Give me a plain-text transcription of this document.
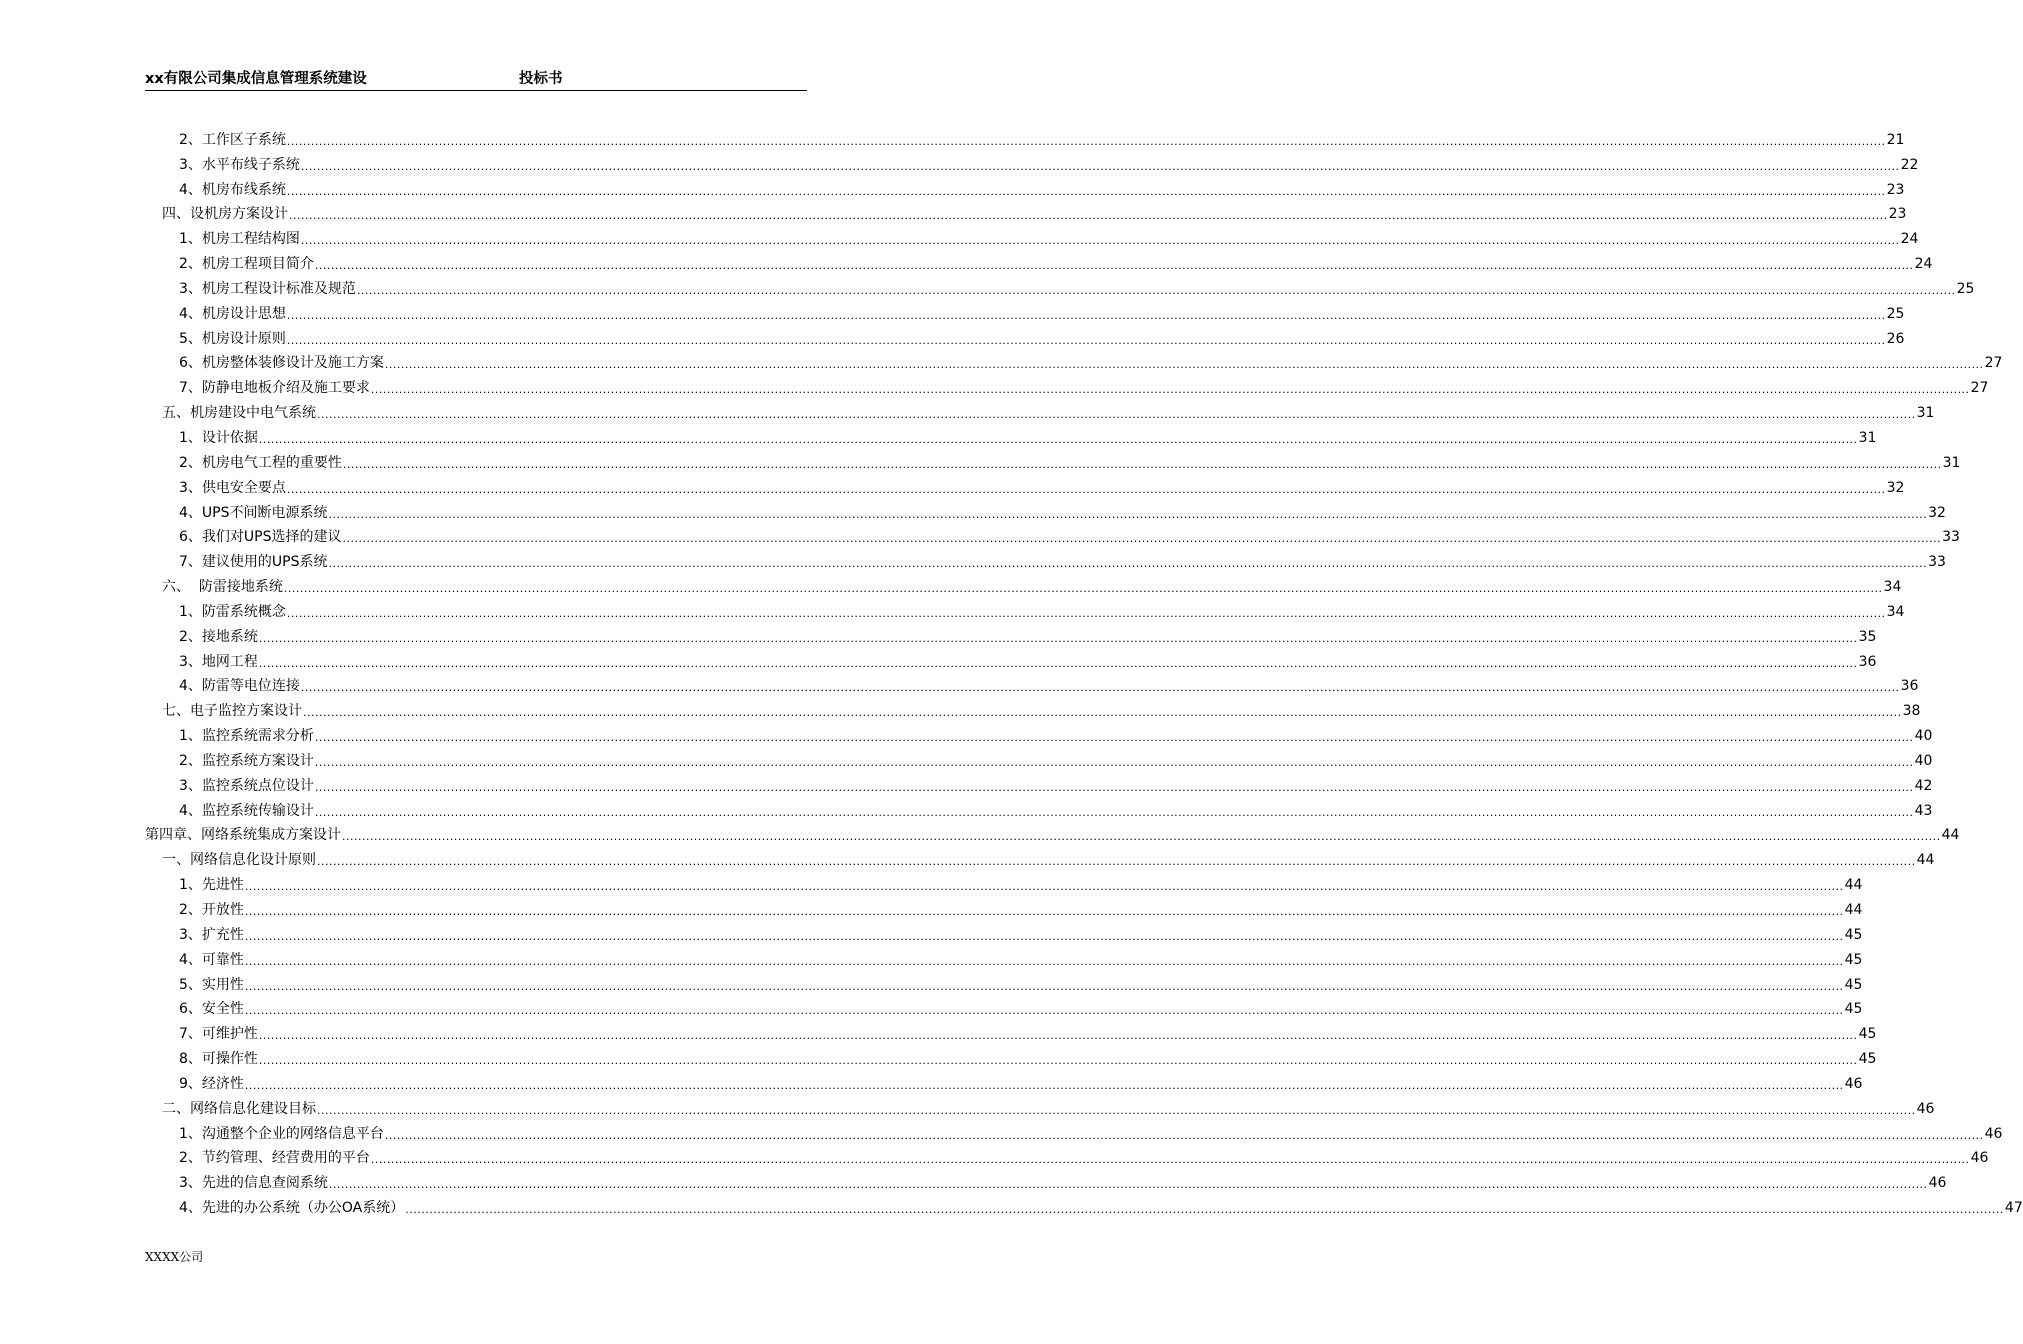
xx有限公司集成信息管理系统建设	投标书
2、工作区子系统 ................................................................................................................................................................................................................................................................................................................................................................................................................ 21
3、水平布线子系统 ................................................................................................................................................................................................................................................................................................................................................................................................................ 22
4、机房布线系统 ................................................................................................................................................................................................................................................................................................................................................................................................................ 23
四、设机房方案设计 ................................................................................................................................................................................................................................................................................................................................................................................................................ 23
1、机房工程结构图 ................................................................................................................................................................................................................................................................................................................................................................................................................ 24
2、机房工程项目简介 ................................................................................................................................................................................................................................................................................................................................................................................................................ 24
3、机房工程设计标准及规范 ................................................................................................................................................................................................................................................................................................................................................................................................................ 25
4、机房设计思想 ................................................................................................................................................................................................................................................................................................................................................................................................................ 25
5、机房设计原则 ................................................................................................................................................................................................................................................................................................................................................................................................................ 26
6、机房整体装修设计及施工方案 ................................................................................................................................................................................................................................................................................................................................................................................................................ 27
7、防静电地板介绍及施工要求 ................................................................................................................................................................................................................................................................................................................................................................................................................ 27
五、机房建设中电气系统 ................................................................................................................................................................................................................................................................................................................................................................................................................ 31
1、设计依据 ................................................................................................................................................................................................................................................................................................................................................................................................................ 31
2、机房电气工程的重要性 ................................................................................................................................................................................................................................................................................................................................................................................................................ 31
3、供电安全要点 ................................................................................................................................................................................................................................................................................................................................................................................................................ 32
4、UPS不间断电源系统 ................................................................................................................................................................................................................................................................................................................................................................................................................ 32
6、我们对UPS选择的建议 ................................................................................................................................................................................................................................................................................................................................................................................................................ 33
7、建议使用的UPS系统 ................................................................................................................................................................................................................................................................................................................................................................................................................ 33
六、  防雷接地系统 ................................................................................................................................................................................................................................................................................................................................................................................................................ 34
1、防雷系统概念 ................................................................................................................................................................................................................................................................................................................................................................................................................ 34
2、接地系统 ................................................................................................................................................................................................................................................................................................................................................................................................................ 35
3、地网工程 ................................................................................................................................................................................................................................................................................................................................................................................................................ 36
4、防雷等电位连接 ................................................................................................................................................................................................................................................................................................................................................................................................................ 36
七、电子监控方案设计 ................................................................................................................................................................................................................................................................................................................................................................................................................ 38
1、监控系统需求分析 ................................................................................................................................................................................................................................................................................................................................................................................................................ 40
2、监控系统方案设计 ................................................................................................................................................................................................................................................................................................................................................................................................................ 40
3、监控系统点位设计 ................................................................................................................................................................................................................................................................................................................................................................................................................ 42
4、监控系统传输设计 ................................................................................................................................................................................................................................................................................................................................................................................................................ 43
第四章、网络系统集成方案设计 ................................................................................................................................................................................................................................................................................................................................................................................................................ 44
一、网络信息化设计原则 ................................................................................................................................................................................................................................................................................................................................................................................................................ 44
1、先进性 ................................................................................................................................................................................................................................................................................................................................................................................................................ 44
2、开放性 ................................................................................................................................................................................................................................................................................................................................................................................................................ 44
3、扩充性 ................................................................................................................................................................................................................................................................................................................................................................................................................ 45
4、可靠性 ................................................................................................................................................................................................................................................................................................................................................................................................................ 45
5、实用性 ................................................................................................................................................................................................................................................................................................................................................................................................................ 45
6、安全性 ................................................................................................................................................................................................................................................................................................................................................................................................................ 45
7、可维护性 ................................................................................................................................................................................................................................................................................................................................................................................................................ 45
8、可操作性 ................................................................................................................................................................................................................................................................................................................................................................................................................ 45
9、经济性 ................................................................................................................................................................................................................................................................................................................................................................................................................ 46
二、网络信息化建设目标 ................................................................................................................................................................................................................................................................................................................................................................................................................ 46
1、沟通整个企业的网络信息平台 ................................................................................................................................................................................................................................................................................................................................................................................................................ 46
2、节约管理、经营费用的平台 ................................................................................................................................................................................................................................................................................................................................................................................................................ 46
3、先进的信息查阅系统 ................................................................................................................................................................................................................................................................................................................................................................................................................ 46
4、先进的办公系统（办公OA系统） ................................................................................................................................................................................................................................................................................................................................................................................................................ 47
XXXX公司
